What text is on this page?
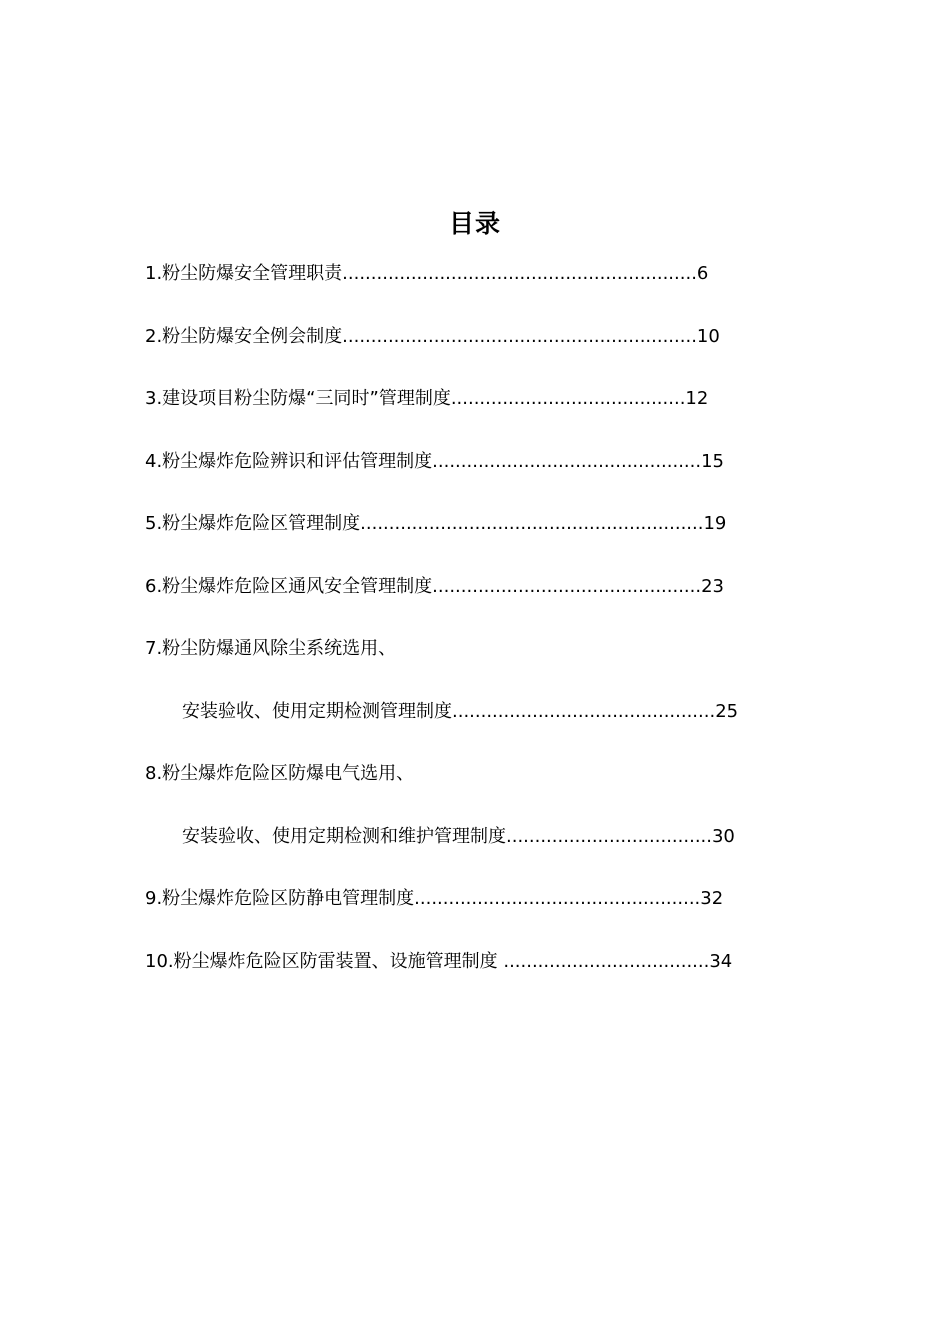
目录
1.粉尘防爆安全管理职责..............................................................6
2.粉尘防爆安全例会制度..............................................................10
3.建设项目粉尘防爆“三同时”管理制度.........................................12
4.粉尘爆炸危险辨识和评估管理制度...............................................15
5.粉尘爆炸危险区管理制度............................................................19
6.粉尘爆炸危险区通风安全管理制度...............................................23
7.粉尘防爆通风除尘系统选用、
安装验收、使用定期检测管理制度..............................................25
8.粉尘爆炸危险区防爆电气选用、
安装验收、使用定期检测和维护管理制度....................................30
9.粉尘爆炸危险区防静电管理制度..................................................32
10.粉尘爆炸危险区防雷装置、设施管理制度 ....................................34
